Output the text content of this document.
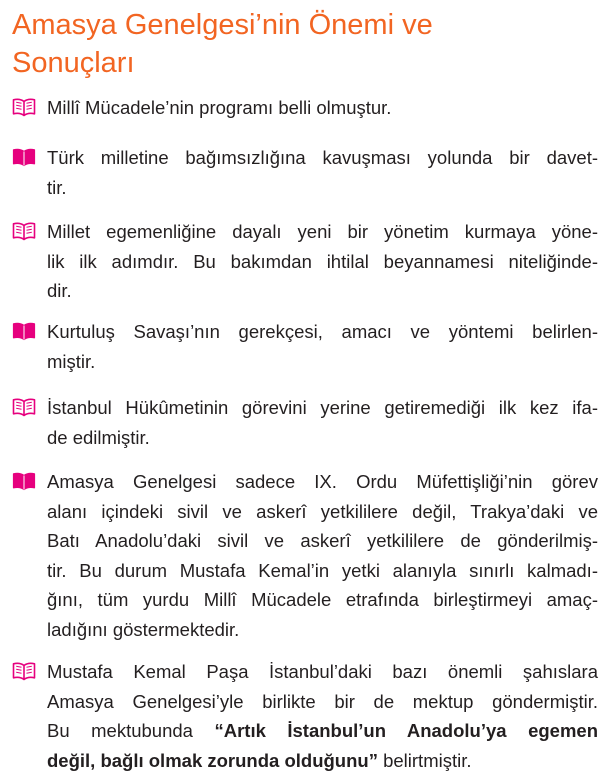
Amasya Genelgesi’nin Önemi ve
Sonuçları
Millî Mücadele’nin programı belli olmuştur.
Türk milletine bağımsızlığına kavuşması yolunda bir davet-
tir.
Millet egemenliğine dayalı yeni bir yönetim kurmaya yöne-
lik ilk adımdır. Bu bakımdan ihtilal beyannamesi niteliğinde-
dir.
Kurtuluş Savaşı’nın gerekçesi, amacı ve yöntemi belirlen-
miştir.
İstanbul Hükûmetinin görevini yerine getiremediği ilk kez ifa-
de edilmiştir.
Amasya Genelgesi sadece IX. Ordu Müfettişliği’nin görev
alanı içindeki sivil ve askerî yetkililere değil, Trakya’daki ve
Batı Anadolu’daki sivil ve askerî yetkililere de gönderilmiş-
tir. Bu durum Mustafa Kemal’in yetki alanıyla sınırlı kalmadı-
ğını, tüm yurdu Millî Mücadele etrafında birleştirmeyi amaç-
ladığını göstermektedir.
Mustafa Kemal Paşa İstanbul’daki bazı önemli şahıslara
Amasya Genelgesi’yle birlikte bir de mektup göndermiştir.
Bu mektubunda “Artık İstanbul’un Anadolu’ya egemen
değil, bağlı olmak zorunda olduğunu” belirtmiştir.
